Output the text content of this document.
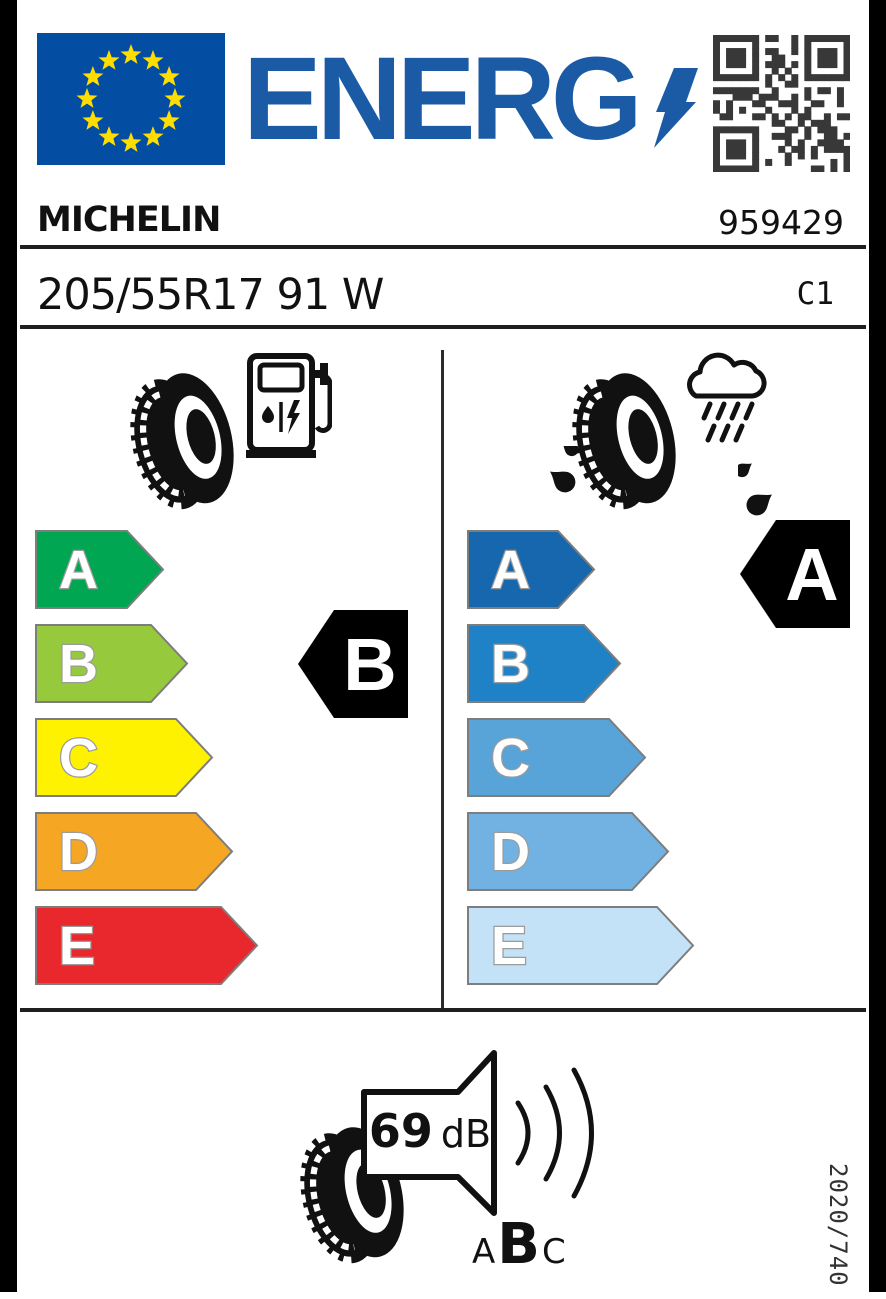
ENERG
MICHELIN	959429
205/55R17 91 W	C1
A
B
C
D
E
A
B
C
D
E
B
A
69 dB
A B C	2020/740
